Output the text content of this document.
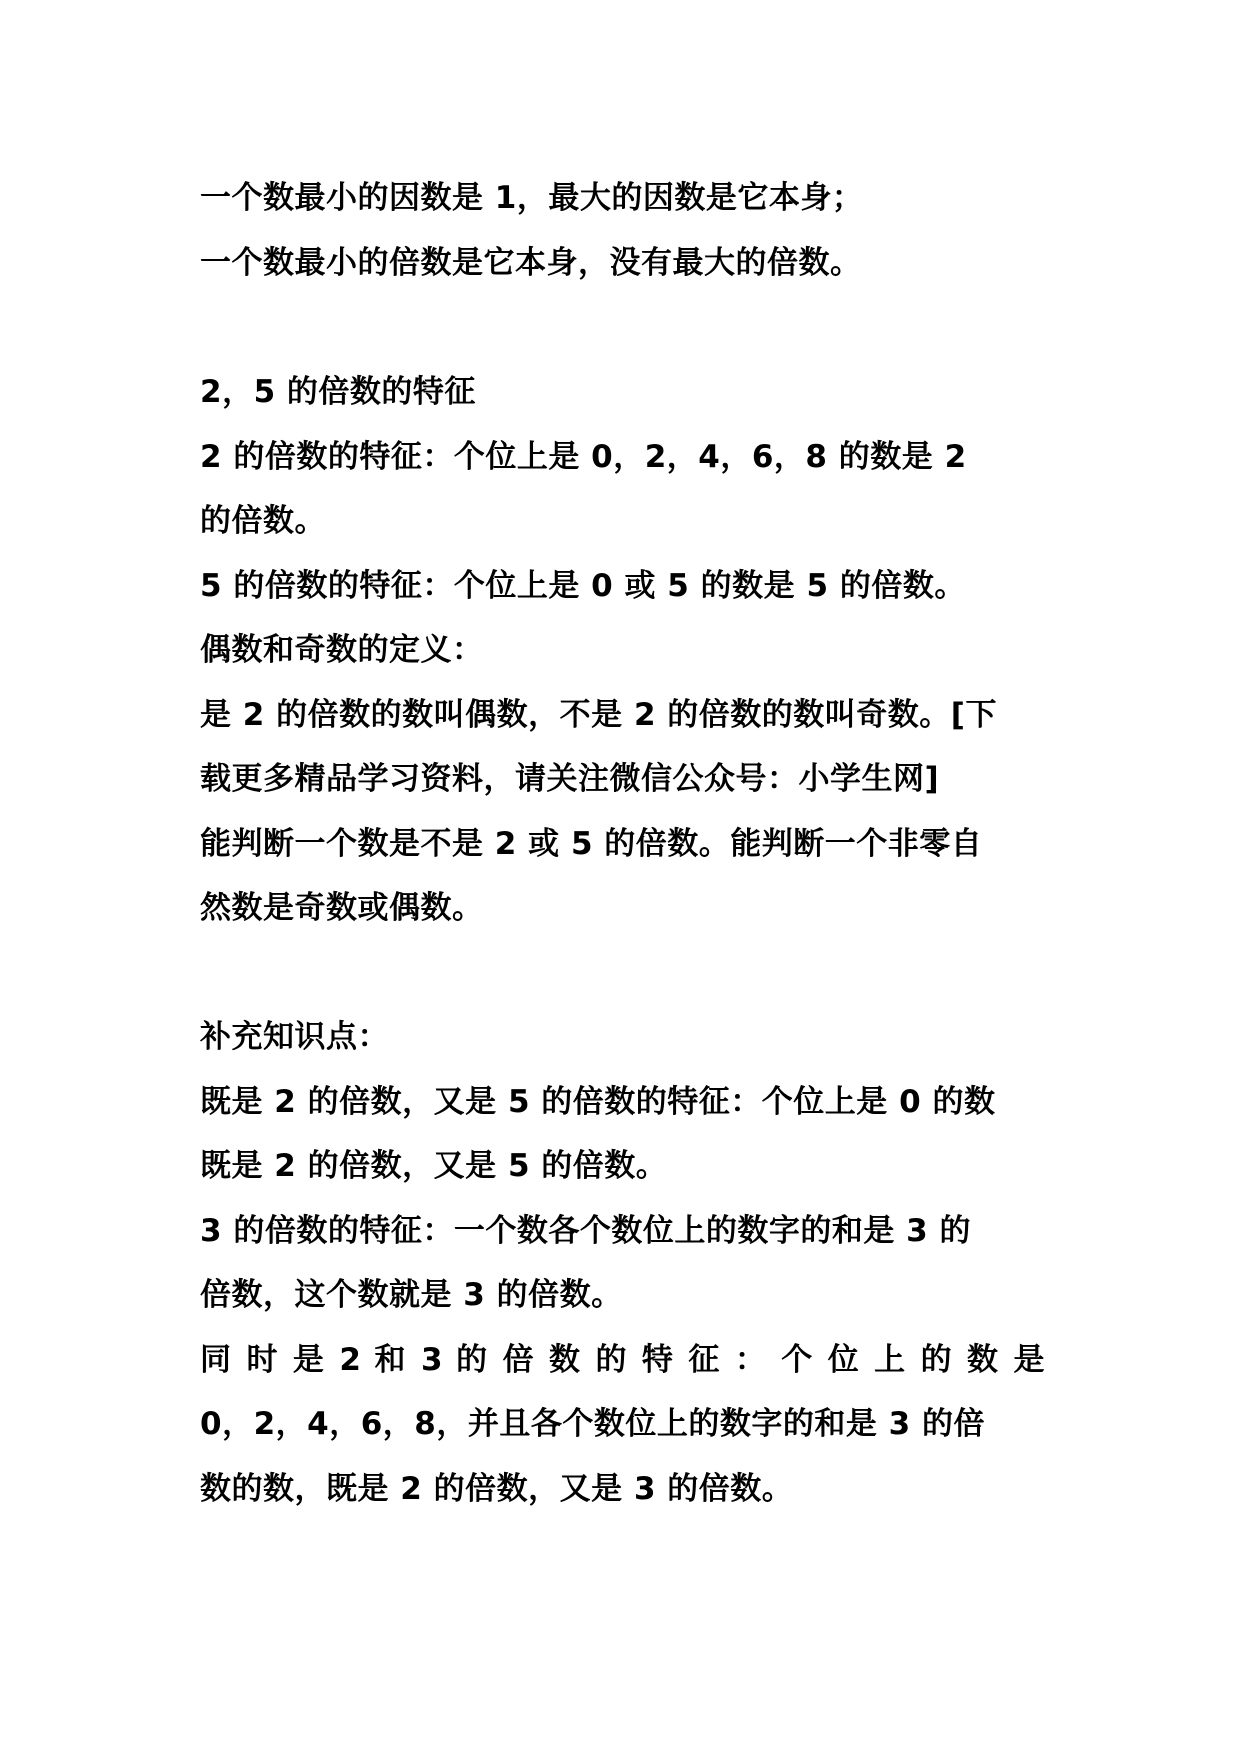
一个数最小的因数是 1，最大的因数是它本身；
一个数最小的倍数是它本身，没有最大的倍数。
2，5 的倍数的特征
2 的倍数的特征：个位上是 0，2，4，6，8 的数是 2
的倍数。
5 的倍数的特征：个位上是 0 或 5 的数是 5 的倍数。
偶数和奇数的定义：
是 2 的倍数的数叫偶数，不是 2 的倍数的数叫奇数。[下
载更多精品学习资料，请关注微信公众号：小学生网]
能判断一个数是不是 2 或 5 的倍数。能判断一个非零自
然数是奇数或偶数。
补充知识点：
既是 2 的倍数，又是 5 的倍数的特征：个位上是 0 的数
既是 2 的倍数，又是 5 的倍数。
3 的倍数的特征：一个数各个数位上的数字的和是 3 的
倍数，这个数就是 3 的倍数。
同 时 是 2 和 3 的 倍 数 的 特 征 ： 个 位 上 的 数 是
0，2，4，6，8，并且各个数位上的数字的和是 3 的倍
数的数，既是 2 的倍数，又是 3 的倍数。
